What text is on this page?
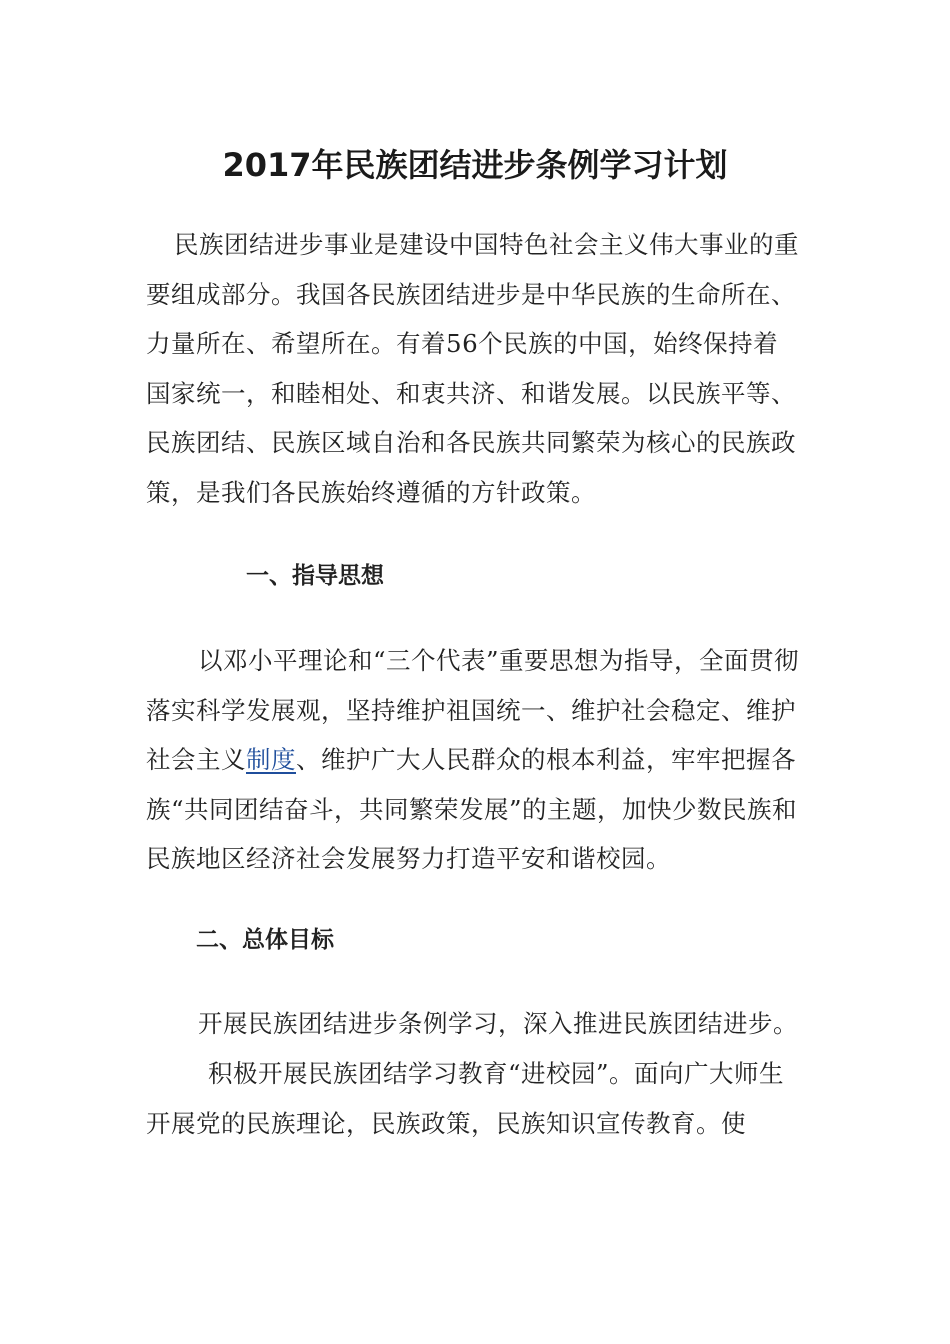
2017年民族团结进步条例学习计划

民族团结进步事业是建设中国特色社会主义伟大事业的重要组成部分。我国各民族团结进步是中华民族的生命所在、力量所在、希望所在。有着56个民族的中国，始终保持着国家统一，和睦相处、和衷共济、和谐发展。以民族平等、民族团结、民族区域自治和各民族共同繁荣为核心的民族政策，是我们各民族始终遵循的方针政策。

一、指导思想

以邓小平理论和“三个代表”重要思想为指导，全面贯彻落实科学发展观，坚持维护祖国统一、维护社会稳定、维护社会主义制度、维护广大人民群众的根本利益，牢牢把握各族“共同团结奋斗，共同繁荣发展”的主题，加快少数民族和民族地区经济社会发展努力打造平安和谐校园。

二、总体目标

开展民族团结进步条例学习，深入推进民族团结进步。

积极开展民族团结学习教育“进校园”。面向广大师生开展党的民族理论，民族政策，民族知识宣传教育。使
